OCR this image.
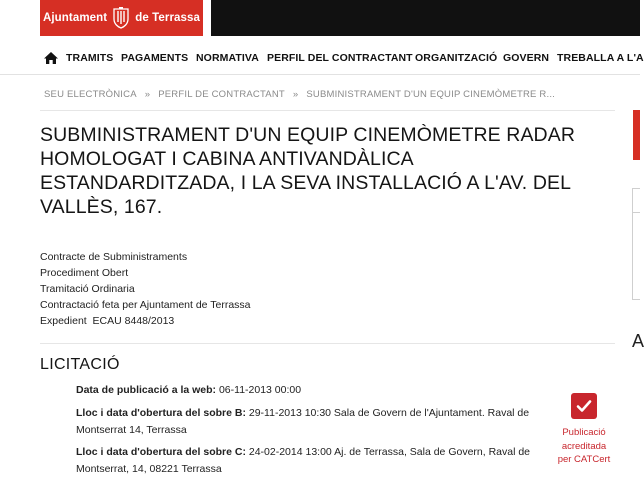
Ajuntament de Terrassa
TRAMITS PAGAMENTS NORMATIVA PERFIL DEL CONTRACTANT ORGANITZACIÓ GOVERN TREBALLA A L'A
SEU ELECTRÒNICA » PERFIL DE CONTRACTANT » SUBMINISTRAMENT D'UN EQUIP CINEMÒMETRE R...
SUBMINISTRAMENT D'UN EQUIP CINEMÒMETRE RADAR HOMOLOGAT I CABINA ANTIVANDÀLICA ESTANDARDITZADA, I LA SEVA INSTALLACIÓ A L'AV. DEL VALLÈS, 167.
Contracte de Subministraments
Procediment Obert
Tramitació Ordinaria
Contractació feta per Ajuntament de Terrassa
Expedient ECAU 8448/2013
LICITACIÓ
Data de publicació a la web: 06-11-2013 00:00
Lloc i data d'obertura del sobre B: 29-11-2013 10:30 Sala de Govern de l'Ajuntament. Raval de Montserrat 14, Terrassa
Lloc i data d'obertura del sobre C: 24-02-2014 13:00 Aj. de Terrassa, Sala de Govern, Raval de Montserrat, 14, 08221 Terrassa
A
Publicació
acreditada
per CATCert
